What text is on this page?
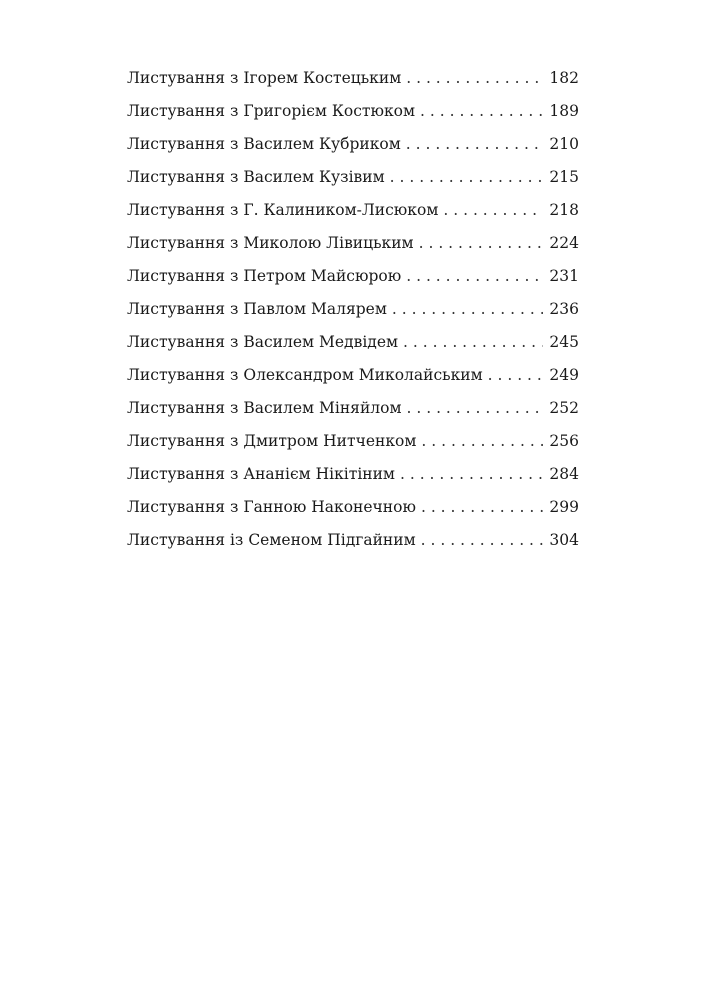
Листування з Ігорем Костецьким . . .	182
Листування з Григорієм Костюком . . .	189
Листування з Василем Кубриком . . .	210
Листування з Василем Кузівим . . .	215
Листування з Г. Калиником-Лисюком . . .	218
Листування з Миколою Лівицьким . . .	224
Листування з Петром Майсюрою . . .	231
Листування з Павлом Малярем . . .	236
Листування з Василем Медвідем . . .	245
Листування з Олександром Миколайським . . .	249
Листування з Василем Міняйлом . . .	252
Листування з Дмитром Нитченком . . .	256
Листування з Ананієм Нікітіним . . .	284
Листування з Ганною Наконечною . . .	299
Листування із Семеном Підгайним . . .	304
